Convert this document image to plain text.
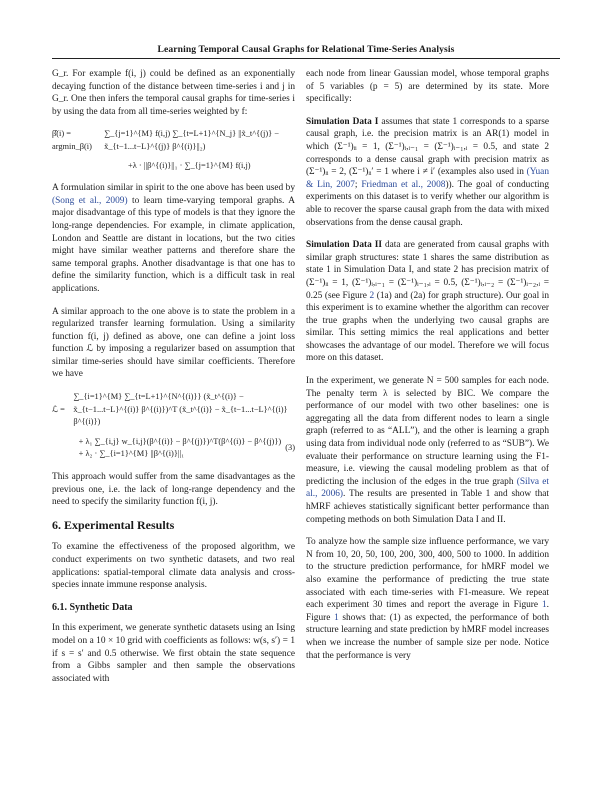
Learning Temporal Causal Graphs for Relational Time-Series Analysis

G_r. For example f(i, j) could be defined as an exponentially decaying function of the distance between time-series i and j in G_r. One then infers the temporal causal graphs for time-series i by using the data from all time-series weighted by f:

β̂(i) = argmin_β(i)
∑_{j=1}^{M} f(i,j) ∑_{t=L+1}^{N_j} ||x̃_t^{(j)} − x̃_{t−1...t−L}^{(j)} β^{(i)}||₂)
+λ · ||β^{(i)}||₁ · ∑_{j=1}^{M} f(i,j)

A formulation similar in spirit to the one above has been used by (Song et al., 2009) to learn time-varying temporal graphs. A major disadvantage of this type of models is that they ignore the long-range dependencies. For example, in climate application, London and Seattle are distant in locations, but the two cities might have similar weather patterns and therefore share the same temporal graphs. Another disadvantage is that one has to define the similarity function, which is a difficult task in real applications.

A similar approach to the one above is to state the problem in a regularized transfer learning formulation. Using a similarity function f(i, j) defined as above, one can define a joint loss function ℒ by imposing a regularizer based on assumption that similar time-series should have similar coefficients. Therefore we have

ℒ =
∑_{i=1}^{M} ∑_{t=L+1}^{N^{(i)}} (x̃_t^{(i)} − x̃_{t−1...t−L}^{(i)} β^{(i)})^T (x̃_t^{(i)} − x̃_{t−1...t−L}^{(i)} β^{(i)})
+ λ₁ ∑_{i,j} w_{i,j}(β^{(i)} − β^{(j)})^T(β^{(i)} − β^{(j)}) + λ₂ · ∑_{i=1}^{M} ||β^{(i)}||₁
(3)

This approach would suffer from the same disadvantages as the previous one, i.e. the lack of long-range dependency and the need to specify the similarity function f(i, j).

6. Experimental Results

To examine the effectiveness of the proposed algorithm, we conduct experiments on two synthetic datasets, and two real applications: spatial-temporal climate data analysis and cross-species innate immune response analysis.

6.1. Synthetic Data

In this experiment, we generate synthetic datasets using an Ising model on a 10 × 10 grid with coefficients as follows: w(s, s′) = 1 if s = s′ and 0.5 otherwise. We first obtain the state sequence from a Gibbs sampler and then sample the observations associated with

each node from linear Gaussian model, whose temporal graphs of 5 variables (p = 5) are determined by its state. More specifically:

Simulation Data I assumes that state 1 corresponds to a sparse causal graph, i.e. the precision matrix is an AR(1) model in which (Σ⁻¹)ᵢᵢ = 1, (Σ⁻¹)ᵢ,ᵢ₋₁ = (Σ⁻¹)ᵢ₋₁,ᵢ = 0.5, and state 2 corresponds to a dense causal graph with precision matrix as (Σ⁻¹)ᵢᵢ = 2, (Σ⁻¹)ᵢᵢ′ = 1 where i ≠ i′ (examples also used in (Yuan & Lin, 2007; Friedman et al., 2008)). The goal of conducting experiments on this dataset is to verify whether our algorithm is able to recover the sparse causal graph from the data with mixed observations from the dense causal graph.

Simulation Data II data are generated from causal graphs with similar graph structures: state 1 shares the same distribution as state 1 in Simulation Data I, and state 2 has precision matrix of (Σ⁻¹)ᵢᵢ = 1, (Σ⁻¹)ᵢ,ᵢ₋₁ = (Σ⁻¹)ᵢ₋₁,ᵢ = 0.5, (Σ⁻¹)ᵢ,ᵢ₋₂ = (Σ⁻¹)ᵢ₋₂,ᵢ = 0.25 (see Figure 2 (1a) and (2a) for graph structure). Our goal in this experiment is to examine whether the algorithm can recover the true graphs when the underlying two causal graphs are similar. This setting mimics the real applications and better showcases the advantage of our model. Therefore we will focus more on this dataset.

In the experiment, we generate N = 500 samples for each node. The penalty term λ is selected by BIC. We compare the performance of our model with two other baselines: one is aggregating all the data from different nodes to learn a single graph (referred to as “ALL”), and the other is learning a graph using data from individual node only (referred to as “SUB”). We evaluate their performance on structure learning using the F1-measure, i.e. viewing the causal modeling problem as that of predicting the inclusion of the edges in the true graph (Silva et al., 2006). The results are presented in Table 1 and show that hMRF achieves statistically significant better performance than competing methods on both Simulation Data I and II.

To analyze how the sample size influence performance, we vary N from 10, 20, 50, 100, 200, 300, 400, 500 to 1000. In addition to the structure prediction performance, for hMRF model we also examine the performance of predicting the true state associated with each time-series with F1-measure. We repeat each experiment 30 times and report the average in Figure 1. Figure 1 shows that: (1) as expected, the performance of both structure learning and state prediction by hMRF model increases when we increase the number of sample size per node. Notice that the performance is very
